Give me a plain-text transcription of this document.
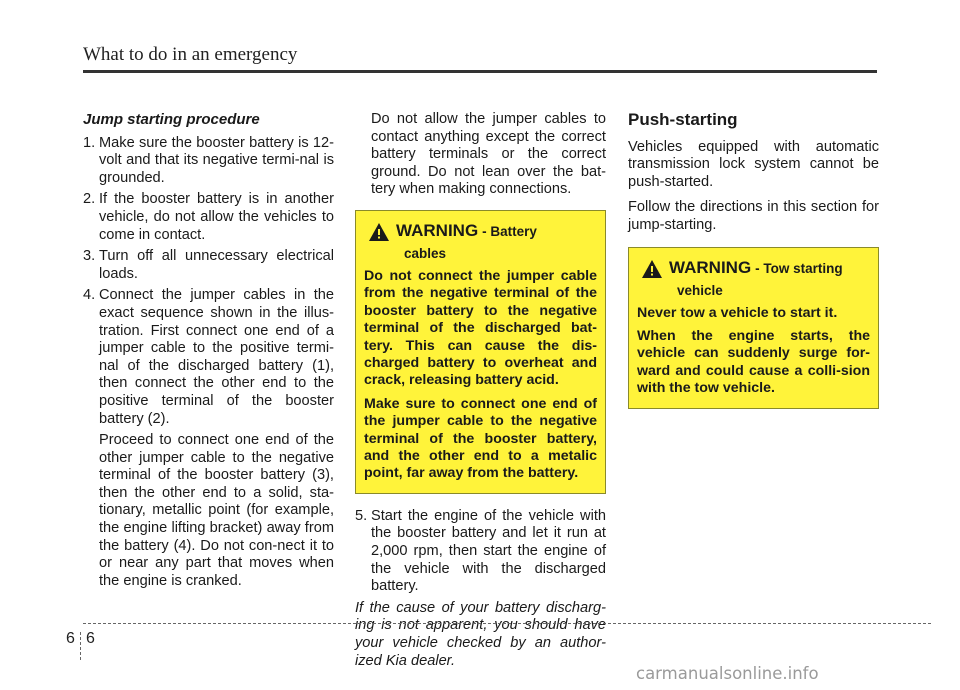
What to do in an emergency

Jump starting procedure

1. Make sure the booster battery is 12-volt and that its negative termi-nal is grounded.
2. If the booster battery is in another vehicle, do not allow the vehicles to come in contact.
3. Turn off all unnecessary electrical loads.
4. Connect the jumper cables in the exact sequence shown in the illus-tration. First connect one end of a jumper cable to the positive termi-nal of the discharged battery (1), then connect the other end to the positive terminal of the booster battery (2).

Proceed to connect one end of the other jumper cable to the negative terminal of the booster battery (3), then the other end to a solid, sta-tionary, metallic point (for example, the engine lifting bracket) away from the battery (4). Do not con-nect it to or near any part that moves when the engine is cranked.

Do not allow the jumper cables to contact anything except the correct battery terminals or the correct ground. Do not lean over the bat-tery when making connections.

WARNING - Battery

cables

Do not connect the jumper cable from the negative terminal of the booster battery to the negative terminal of the discharged bat-tery. This can cause the dis-charged battery to overheat and crack, releasing battery acid.

Make sure to connect one end of the jumper cable to the negative terminal of the booster battery, and the other end to a metalic point, far away from the battery.

5. Start the engine of the vehicle with the booster battery and let it run at 2,000 rpm, then start the engine of the vehicle with the discharged battery.

If the cause of your battery discharg-ing is not apparent, you should have your vehicle checked by an author-ized Kia dealer.

Push-starting

Vehicles equipped with automatic transmission lock system cannot be push-started.

Follow the directions in this section for jump-starting.

WARNING - Tow starting

vehicle

Never tow a vehicle to start it.

When the engine starts, the vehicle can suddenly surge for-ward and could cause a colli-sion with the tow vehicle.

6 6
carmanualsonline.info
